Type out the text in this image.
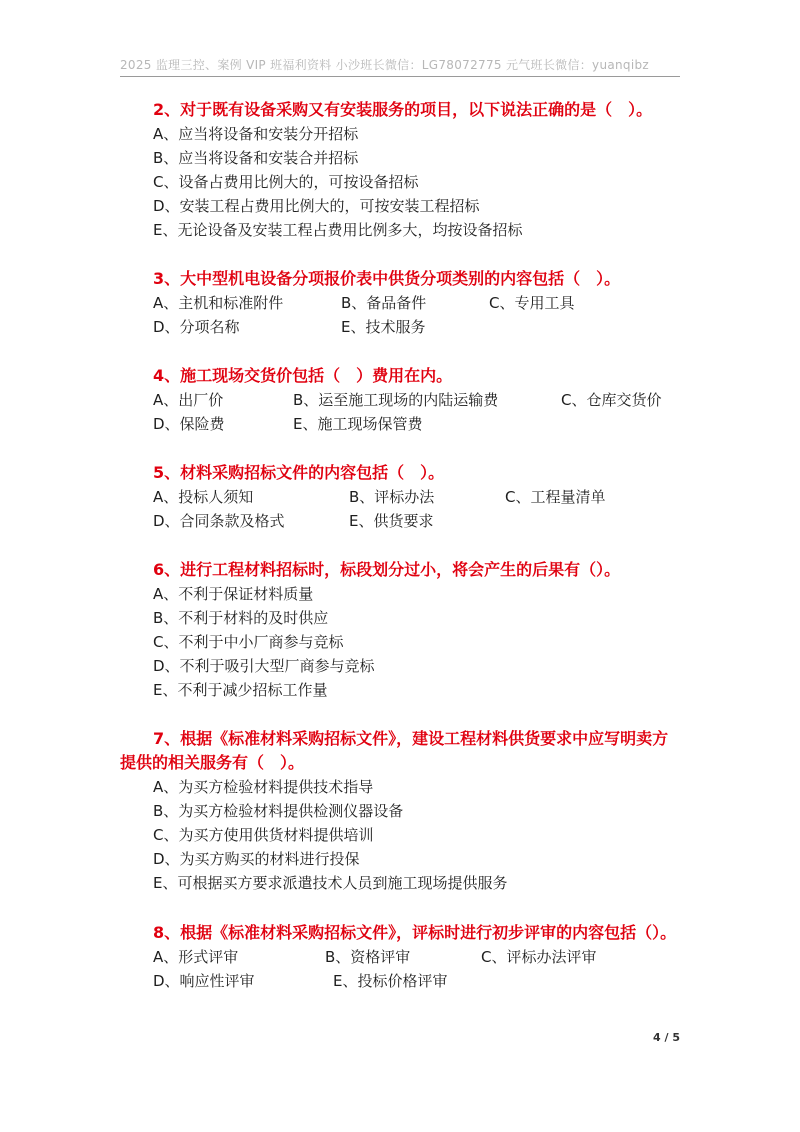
2025 监理三控、案例 VIP 班福利资料 小沙班长微信：LG78072775 元气班长微信：yuanqibz
2、对于既有设备采购又有安装服务的项目，以下说法正确的是（　）。
A、应当将设备和安装分开招标
B、应当将设备和安装合并招标
C、设备占费用比例大的，可按设备招标
D、安装工程占费用比例大的，可按安装工程招标
E、无论设备及安装工程占费用比例多大，均按设备招标
3、大中型机电设备分项报价表中供货分项类别的内容包括（　）。
A、主机和标准附件	B、备品备件	C、专用工具
D、分项名称	E、技术服务
4、施工现场交货价包括（　）费用在内。
A、出厂价	B、运至施工现场的内陆运输费	C、仓库交货价
D、保险费	E、施工现场保管费
5、材料采购招标文件的内容包括（　）。
A、投标人须知	B、评标办法	C、工程量清单
D、合同条款及格式	E、供货要求
6、进行工程材料招标时，标段划分过小，将会产生的后果有（）。
A、不利于保证材料质量
B、不利于材料的及时供应
C、不利于中小厂商参与竞标
D、不利于吸引大型厂商参与竞标
E、不利于减少招标工作量
7、根据《标准材料采购招标文件》，建设工程材料供货要求中应写明卖方
提供的相关服务有（　）。
A、为买方检验材料提供技术指导
B、为买方检验材料提供检测仪器设备
C、为买方使用供货材料提供培训
D、为买方购买的材料进行投保
E、可根据买方要求派遣技术人员到施工现场提供服务
8、根据《标准材料采购招标文件》，评标时进行初步评审的内容包括（）。
A、形式评审	B、资格评审	C、评标办法评审
D、响应性评审	E、投标价格评审
4 / 5
